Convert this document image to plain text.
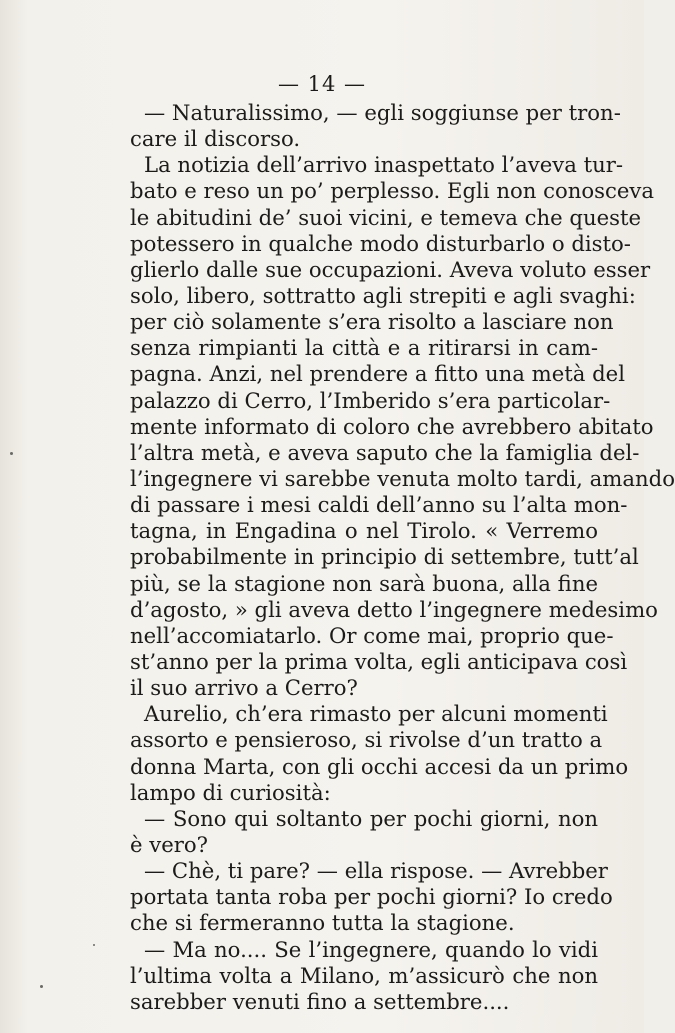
— 14 —
— Naturalissimo, — egli soggiunse per tron-
care il discorso.
La notizia dell’arrivo inaspettato l’aveva tur-
bato e reso un po’ perplesso. Egli non conosceva
le abitudini de’ suoi vicini, e temeva che queste
potessero in qualche modo disturbarlo o disto-
glierlo dalle sue occupazioni. Aveva voluto esser
solo, libero, sottratto agli strepiti e agli svaghi:
per ciò solamente s’era risolto a lasciare non
senza rimpianti la città e a ritirarsi in cam-
pagna. Anzi, nel prendere a fitto una metà del
palazzo di Cerro, l’Imberido s’era particolar-
mente informato di coloro che avrebbero abitato
l’altra metà, e aveva saputo che la famiglia del-
l’ingegnere vi sarebbe venuta molto tardi, amando
di passare i mesi caldi dell’anno su l’alta mon-
tagna, in Engadina o nel Tirolo. « Verremo
probabilmente in principio di settembre, tutt’al
più, se la stagione non sarà buona, alla fine
d’agosto, » gli aveva detto l’ingegnere medesimo
nell’accomiatarlo. Or come mai, proprio que-
st’anno per la prima volta, egli anticipava così
il suo arrivo a Cerro?
Aurelio, ch’era rimasto per alcuni momenti
assorto e pensieroso, si rivolse d’un tratto a
donna Marta, con gli occhi accesi da un primo
lampo di curiosità:
— Sono qui soltanto per pochi giorni, non
è vero?
— Chè, ti pare? — ella rispose. — Avrebber
portata tanta roba per pochi giorni? Io credo
che si fermeranno tutta la stagione.
— Ma no.... Se l’ingegnere, quando lo vidi
l’ultima volta a Milano, m’assicurò che non
sarebber venuti fino a settembre....
